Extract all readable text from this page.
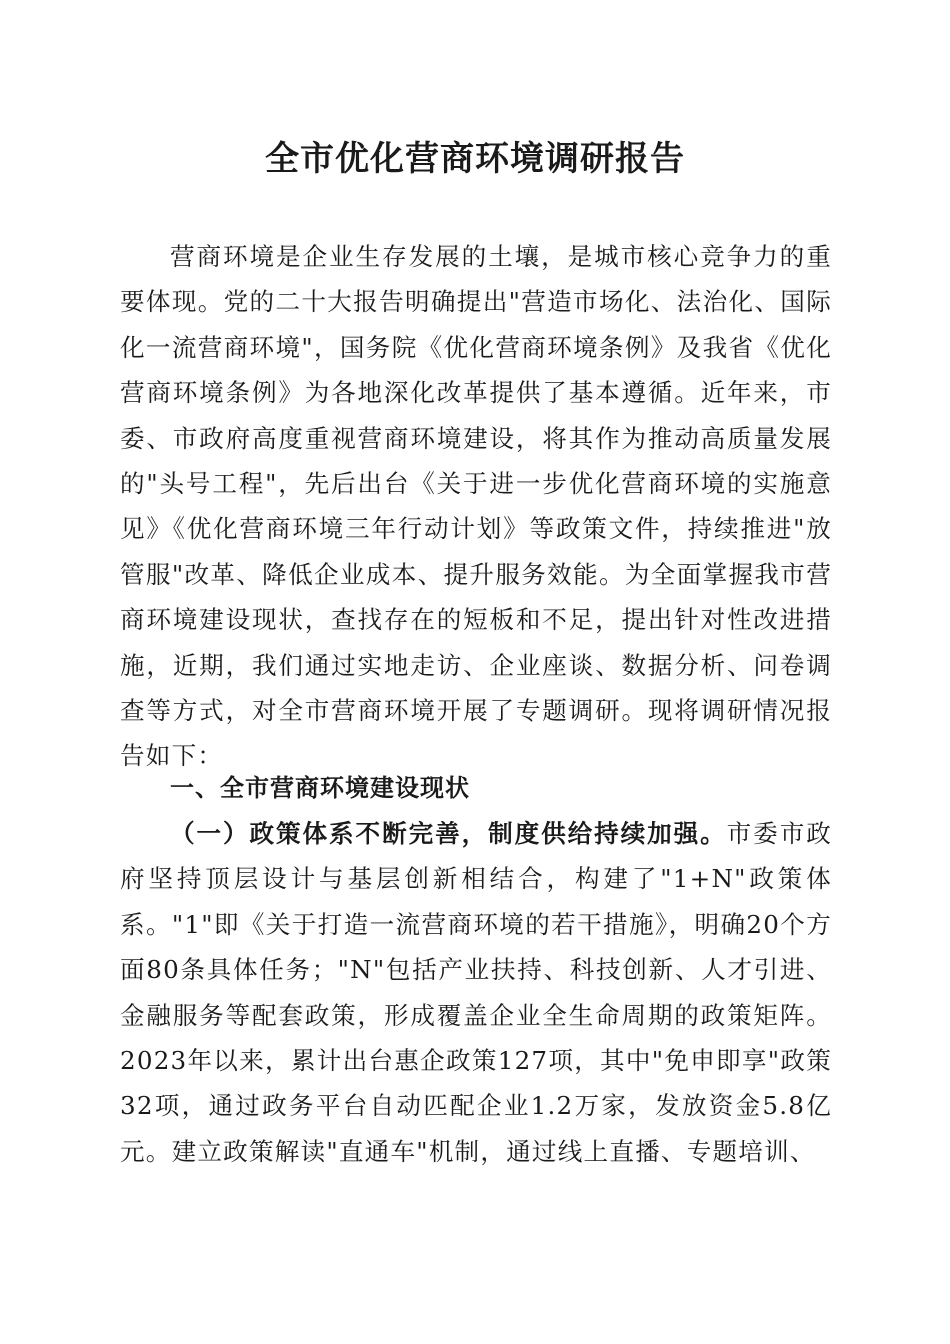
全市优化营商环境调研报告

营商环境是企业生存发展的土壤，是城市核心竞争力的重要体现。党的二十大报告明确提出"营造市场化、法治化、国际化一流营商环境"，国务院《优化营商环境条例》及我省《优化营商环境条例》为各地深化改革提供了基本遵循。近年来，市委、市政府高度重视营商环境建设，将其作为推动高质量发展的"头号工程"，先后出台《关于进一步优化营商环境的实施意见》《优化营商环境三年行动计划》等政策文件，持续推进"放管服"改革、降低企业成本、提升服务效能。为全面掌握我市营商环境建设现状，查找存在的短板和不足，提出针对性改进措施，近期，我们通过实地走访、企业座谈、数据分析、问卷调查等方式，对全市营商环境开展了专题调研。现将调研情况报告如下：

一、全市营商环境建设现状

（一）政策体系不断完善，制度供给持续加强。市委市政府坚持顶层设计与基层创新相结合，构建了"1+N"政策体系。"1"即《关于打造一流营商环境的若干措施》，明确20个方面80条具体任务；"N"包括产业扶持、科技创新、人才引进、金融服务等配套政策，形成覆盖企业全生命周期的政策矩阵。2023年以来，累计出台惠企政策127项，其中"免申即享"政策32项，通过政务平台自动匹配企业1.2万家，发放资金5.8亿元。建立政策解读"直通车"机制，通过线上直播、专题培训、
